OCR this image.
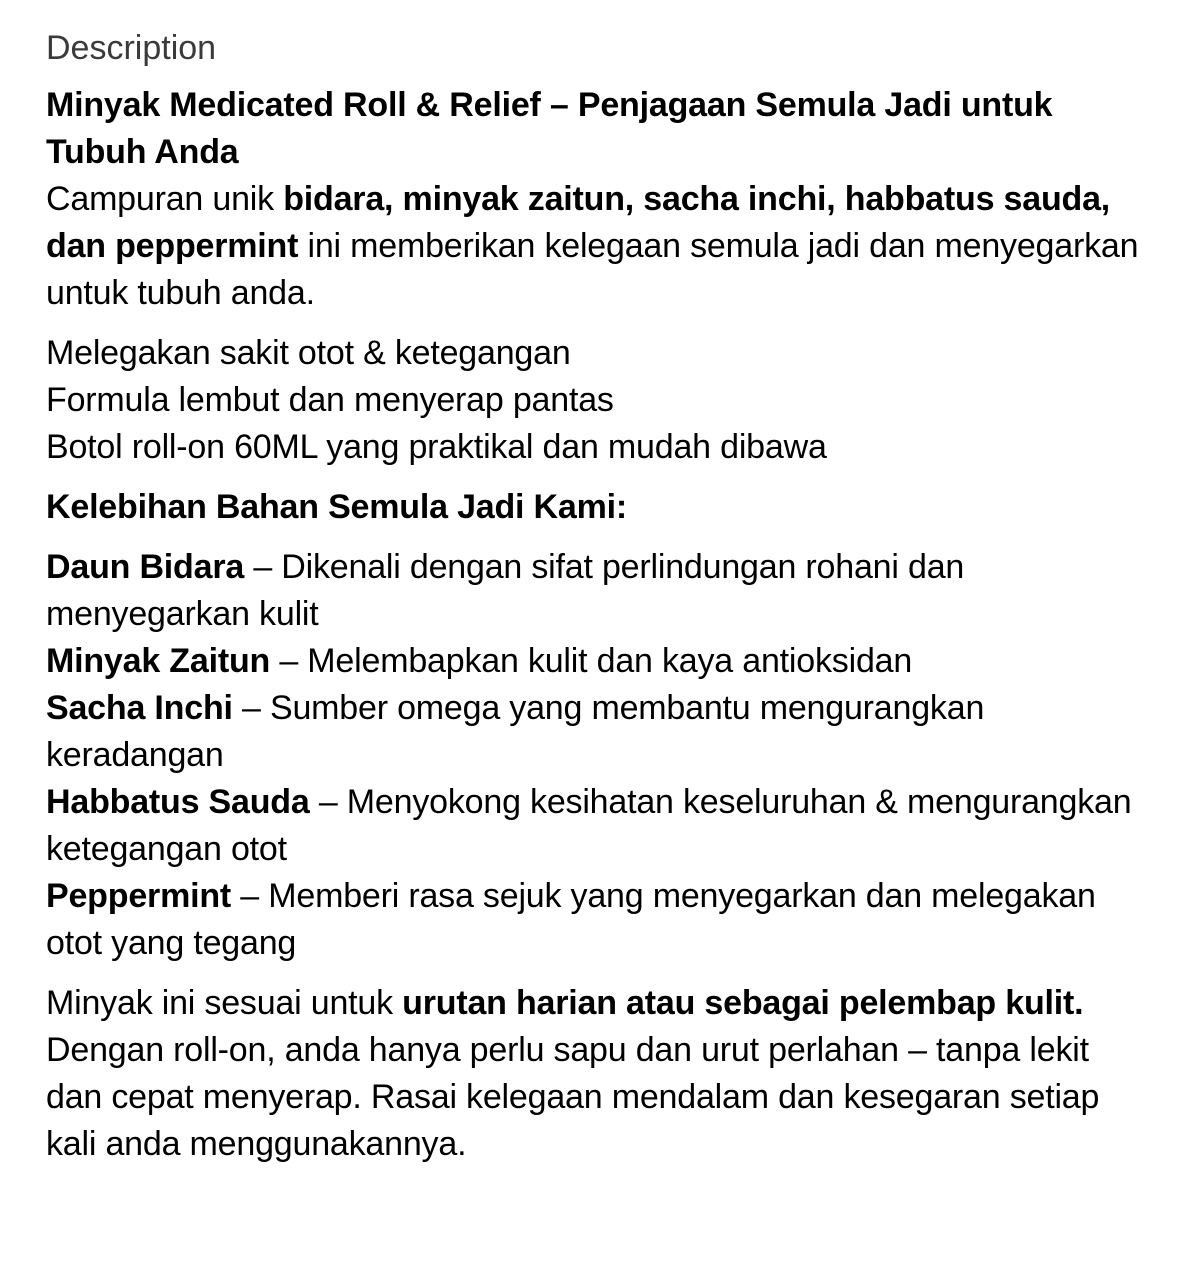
Description

Minyak Medicated Roll & Relief – Penjagaan Semula Jadi untuk Tubuh Anda
Campuran unik bidara, minyak zaitun, sacha inchi, habbatus sauda, dan peppermint ini memberikan kelegaan semula jadi dan menyegarkan untuk tubuh anda.

Melegakan sakit otot & ketegangan
Formula lembut dan menyerap pantas
Botol roll-on 60ML yang praktikal dan mudah dibawa

Kelebihan Bahan Semula Jadi Kami:

Daun Bidara – Dikenali dengan sifat perlindungan rohani dan menyegarkan kulit
Minyak Zaitun – Melembapkan kulit dan kaya antioksidan
Sacha Inchi – Sumber omega yang membantu mengurangkan keradangan
Habbatus Sauda – Menyokong kesihatan keseluruhan & mengurangkan ketegangan otot
Peppermint – Memberi rasa sejuk yang menyegarkan dan melegakan otot yang tegang

Minyak ini sesuai untuk urutan harian atau sebagai pelembap kulit. Dengan roll-on, anda hanya perlu sapu dan urut perlahan – tanpa lekit dan cepat menyerap. Rasai kelegaan mendalam dan kesegaran setiap kali anda menggunakannya.
